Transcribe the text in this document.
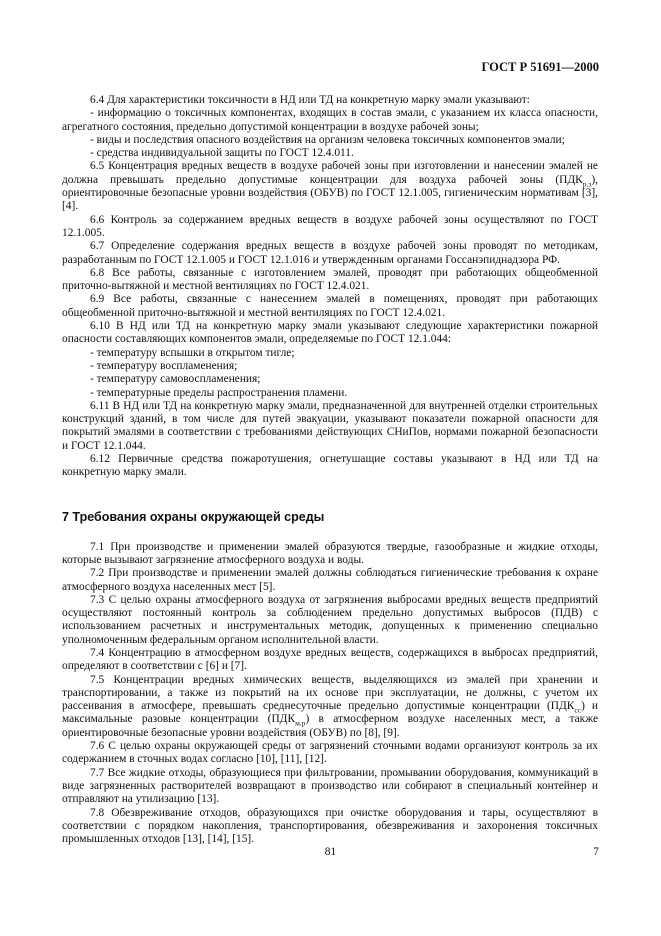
ГОСТ Р 51691—2000

6.4 Для характеристики токсичности в НД или ТД на конкретную марку эмали указывают:

- информацию о токсичных компонентах, входящих в состав эмали, с указанием их класса опасности, агрегатного состояния, предельно допустимой концентрации в воздухе рабочей зоны;

- виды и последствия опасного воздействия на организм человека токсичных компонентов эмали;

- средства индивидуальной защиты по ГОСТ 12.4.011.

6.5 Концентрация вредных веществ в воздухе рабочей зоны при изготовлении и нанесении эмалей не должна превышать предельно допустимые концентрации для воздуха рабочей зоны $(ПДК_{р.з})$, ориентировочные безопасные уровни воздействия (ОБУВ) по ГОСТ 12.1.005, гигиеническим нормативам [3], [4].

6.6 Контроль за содержанием вредных веществ в воздухе рабочей зоны осуществляют по ГОСТ 12.1.005.

6.7 Определение содержания вредных веществ в воздухе рабочей зоны проводят по методикам, разработанным по ГОСТ 12.1.005 и ГОСТ 12.1.016 и утвержденным органами Госсанэпиднадзора РФ.

6.8 Все работы, связанные с изготовлением эмалей, проводят при работающих общеобменной приточно-вытяжной и местной вентиляциях по ГОСТ 12.4.021.

6.9 Все работы, связанные с нанесением эмалей в помещениях, проводят при работающих общеобменной приточно-вытяжной и местной вентиляциях по ГОСТ 12.4.021.

6.10 В НД или ТД на конкретную марку эмали указывают следующие характеристики пожарной опасности составляющих компонентов эмали, определяемые по ГОСТ 12.1.044:

- температуру вспышки в открытом тигле;

- температуру воспламенения;

- температуру самовоспламенения;

- температурные пределы распространения пламени.

6.11 В НД или ТД на конкретную марку эмали, предназначенной для внутренней отделки строительных конструкций зданий, в том числе для путей эвакуации, указывают показатели пожарной опасности для покрытий эмалями в соответствии с требованиями действующих СНиПов, нормами пожарной безопасности и ГОСТ 12.1.044.

6.12 Первичные средства пожаротушения, огнетушащие составы указывают в НД или ТД на конкретную марку эмали.

7 Требования охраны окружающей среды

7.1 При производстве и применении эмалей образуются твердые, газообразные и жидкие отходы, которые вызывают загрязнение атмосферного воздуха и воды.

7.2 При производстве и применении эмалей должны соблюдаться гигиенические требования к охране атмосферного воздуха населенных мест [5].

7.3 С целью охраны атмосферного воздуха от загрязнения выбросами вредных веществ предприятий осуществляют постоянный контроль за соблюдением предельно допустимых выбросов (ПДВ) с использованием расчетных и инструментальных методик, допущенных к применению специально уполномоченным федеральным органом исполнительной власти.

7.4 Концентрацию в атмосферном воздухе вредных веществ, содержащихся в выбросах предприятий, определяют в соответствии с [6] и [7].

7.5 Концентрации вредных химических веществ, выделяющихся из эмалей при хранении и транспортировании, а также из покрытий на их основе при эксплуатации, не должны, с учетом их рассеивания в атмосфере, превышать среднесуточные предельно допустимые концентрации $(ПДК_{сс})$ и максимальные разовые концентрации $(ПДК_{м.р})$ в атмосферном воздухе населенных мест, а также ориентировочные безопасные уровни воздействия (ОБУВ) по [8], [9].

7.6 С целью охраны окружающей среды от загрязнений сточными водами организуют контроль за их содержанием в сточных водах согласно [10], [11], [12].

7.7 Все жидкие отходы, образующиеся при фильтровании, промывании оборудования, коммуникаций в виде загрязненных растворителей возвращают в производство или собирают в специальный контейнер и отправляют на утилизацию [13].

7.8 Обезвреживание отходов, образующихся при очистке оборудования и тары, осуществляют в соответствии с порядком накопления, транспортирования, обезвреживания и захоронения токсичных промышленных отходов [13], [14], [15].

81	7
